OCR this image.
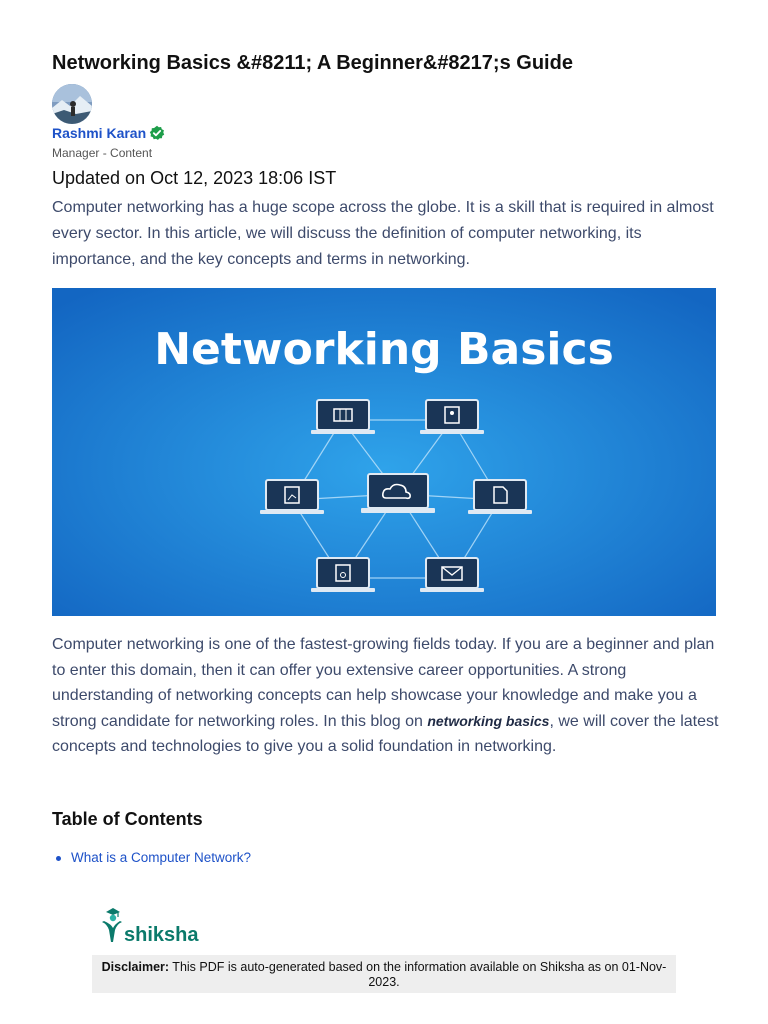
Networking Basics &#8211; A Beginner&#8217;s Guide
Rashmi Karan
Manager - Content
Updated on Oct 12, 2023 18:06 IST

Computer networking has a huge scope across the globe. It is a skill that is required in almost every sector. In this article, we will discuss the definition of computer networking, its importance, and the key concepts and terms in networking.

Networking Basics

Computer networking is one of the fastest-growing fields today. If you are a beginner and plan to enter this domain, then it can offer you extensive career opportunities. A strong understanding of networking concepts can help showcase your knowledge and make you a strong candidate for networking roles. In this blog on networking basics, we will cover the latest concepts and technologies to give you a solid foundation in networking.

Table of Contents
What is a Computer Network?
shiksha
Disclaimer: This PDF is auto-generated based on the information available on Shiksha as on 01-Nov-2023.
